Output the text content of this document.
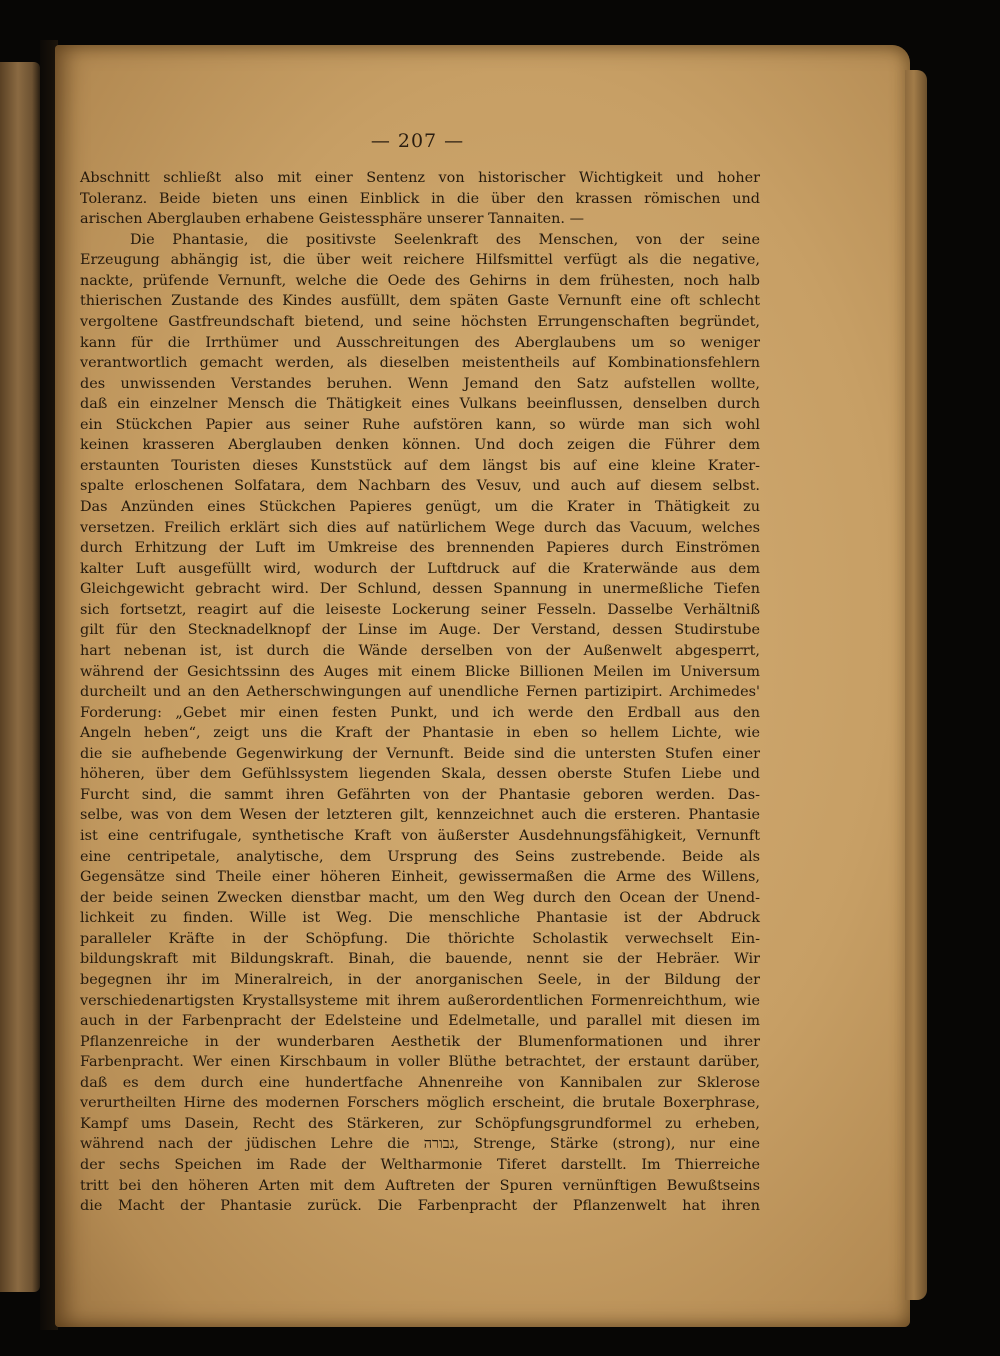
— 207 —
Abschnitt schließt also mit einer Sentenz von historischer Wichtigkeit und hoher
Toleranz. Beide bieten uns einen Einblick in die über den krassen römischen und
arischen Aberglauben erhabene Geistessphäre unserer Tannaiten. —
Die Phantasie, die positivste Seelenkraft des Menschen, von der seine
Erzeugung abhängig ist, die über weit reichere Hilfsmittel verfügt als die negative,
nackte, prüfende Vernunft, welche die Oede des Gehirns in dem frühesten, noch halb
thierischen Zustande des Kindes ausfüllt, dem späten Gaste Vernunft eine oft schlecht
vergoltene Gastfreundschaft bietend, und seine höchsten Errungenschaften begründet,
kann für die Irrthümer und Ausschreitungen des Aberglaubens um so weniger
verantwortlich gemacht werden, als dieselben meistentheils auf Kombinationsfehlern
des unwissenden Verstandes beruhen. Wenn Jemand den Satz aufstellen wollte,
daß ein einzelner Mensch die Thätigkeit eines Vulkans beeinflussen, denselben durch
ein Stückchen Papier aus seiner Ruhe aufstören kann, so würde man sich wohl
keinen krasseren Aberglauben denken können. Und doch zeigen die Führer dem
erstaunten Touristen dieses Kunststück auf dem längst bis auf eine kleine Krater-
spalte erloschenen Solfatara, dem Nachbarn des Vesuv, und auch auf diesem selbst.
Das Anzünden eines Stückchen Papieres genügt, um die Krater in Thätigkeit zu
versetzen. Freilich erklärt sich dies auf natürlichem Wege durch das Vacuum, welches
durch Erhitzung der Luft im Umkreise des brennenden Papieres durch Einströmen
kalter Luft ausgefüllt wird, wodurch der Luftdruck auf die Kraterwände aus dem
Gleichgewicht gebracht wird. Der Schlund, dessen Spannung in unermeßliche Tiefen
sich fortsetzt, reagirt auf die leiseste Lockerung seiner Fesseln. Dasselbe Verhältniß
gilt für den Stecknadelknopf der Linse im Auge. Der Verstand, dessen Studirstube
hart nebenan ist, ist durch die Wände derselben von der Außenwelt abgesperrt,
während der Gesichtssinn des Auges mit einem Blicke Billionen Meilen im Universum
durcheilt und an den Aetherschwingungen auf unendliche Fernen partizipirt. Archimedes'
Forderung: „Gebet mir einen festen Punkt, und ich werde den Erdball aus den
Angeln heben“, zeigt uns die Kraft der Phantasie in eben so hellem Lichte, wie
die sie aufhebende Gegenwirkung der Vernunft. Beide sind die untersten Stufen einer
höheren, über dem Gefühlssystem liegenden Skala, dessen oberste Stufen Liebe und
Furcht sind, die sammt ihren Gefährten von der Phantasie geboren werden. Das-
selbe, was von dem Wesen der letzteren gilt, kennzeichnet auch die ersteren. Phantasie
ist eine centrifugale, synthetische Kraft von äußerster Ausdehnungsfähigkeit, Vernunft
eine centripetale, analytische, dem Ursprung des Seins zustrebende. Beide als
Gegensätze sind Theile einer höheren Einheit, gewissermaßen die Arme des Willens,
der beide seinen Zwecken dienstbar macht, um den Weg durch den Ocean der Unend-
lichkeit zu finden. Wille ist Weg. Die menschliche Phantasie ist der Abdruck
paralleler Kräfte in der Schöpfung. Die thörichte Scholastik verwechselt Ein-
bildungskraft mit Bildungskraft. Binah, die bauende, nennt sie der Hebräer. Wir
begegnen ihr im Mineralreich, in der anorganischen Seele, in der Bildung der
verschiedenartigsten Krystallsysteme mit ihrem außerordentlichen Formenreichthum, wie
auch in der Farbenpracht der Edelsteine und Edelmetalle, und parallel mit diesen im
Pflanzenreiche in der wunderbaren Aesthetik der Blumenformationen und ihrer
Farbenpracht. Wer einen Kirschbaum in voller Blüthe betrachtet, der erstaunt darüber,
daß es dem durch eine hundertfache Ahnenreihe von Kannibalen zur Sklerose
verurtheilten Hirne des modernen Forschers möglich erscheint, die brutale Boxerphrase,
Kampf ums Dasein, Recht des Stärkeren, zur Schöpfungsgrundformel zu erheben,
während nach der jüdischen Lehre die גבורה, Strenge, Stärke (strong), nur eine
der sechs Speichen im Rade der Weltharmonie Tiferet darstellt. Im Thierreiche
tritt bei den höheren Arten mit dem Auftreten der Spuren vernünftigen Bewußtseins
die Macht der Phantasie zurück. Die Farbenpracht der Pflanzenwelt hat ihren
